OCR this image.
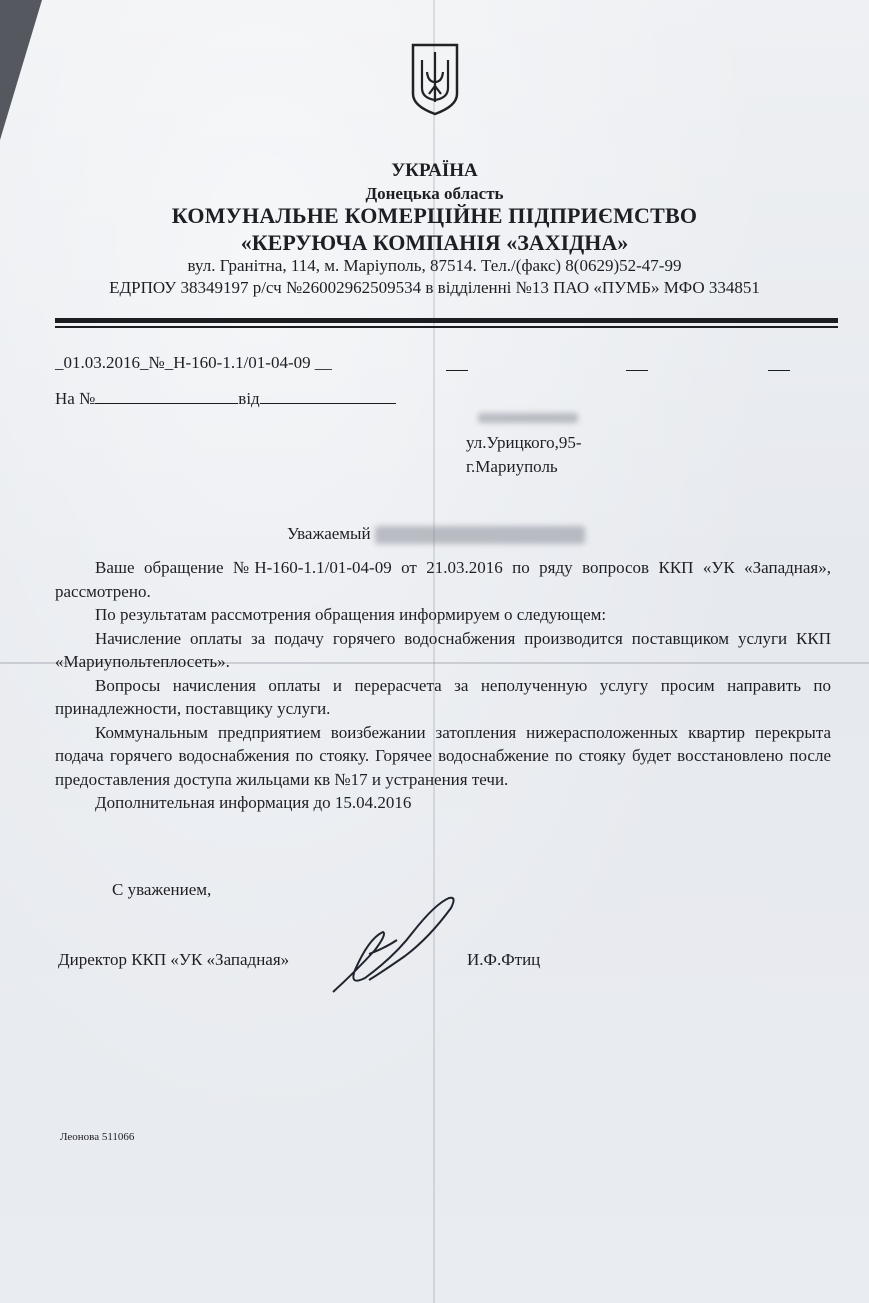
УКРАЇНА
Донецька область
КОМУНАЛЬНЕ КОМЕРЦІЙНЕ ПІДПРИЄМСТВО
«КЕРУЮЧА КОМПАНІЯ «ЗАХІДНА»
вул. Гранітна, 114, м. Маріуполь, 87514. Тел./(факс) 8(0629)52-47-99
ЕДРПОУ 38349197 р/сч №26002962509534 в відділенні №13 ПАО «ПУМБ» МФО 334851
_01.03.2016_№_Н-160-1.1/01-04-09 __
На №	від
ул.Урицкого,95-
г.Мариуполь
Уважаемый

Ваше обращение №Н-160-1.1/01-04-09 от 21.03.2016 по ряду вопросов ККП «УК «Западная», рассмотрено.

По результатам рассмотрения обращения информируем о следующем:

Начисление оплаты за подачу горячего водоснабжения производится поставщиком услуги ККП «Мариупольтеплосеть».

Вопросы начисления оплаты и перерасчета за неполученную услугу просим направить по принадлежности, поставщику услуги.

Коммунальным предприятием воизбежании затопления нижерасположенных квартир перекрыта подача горячего водоснабжения по стояку. Горячее водоснабжение по стояку будет восстановлено после предоставления доступа жильцами кв №17 и устранения течи.

Дополнительная информация до 15.04.2016

С уважением,
Директор ККП «УК «Западная»	И.Ф.Фтиц
Леонова 511066
